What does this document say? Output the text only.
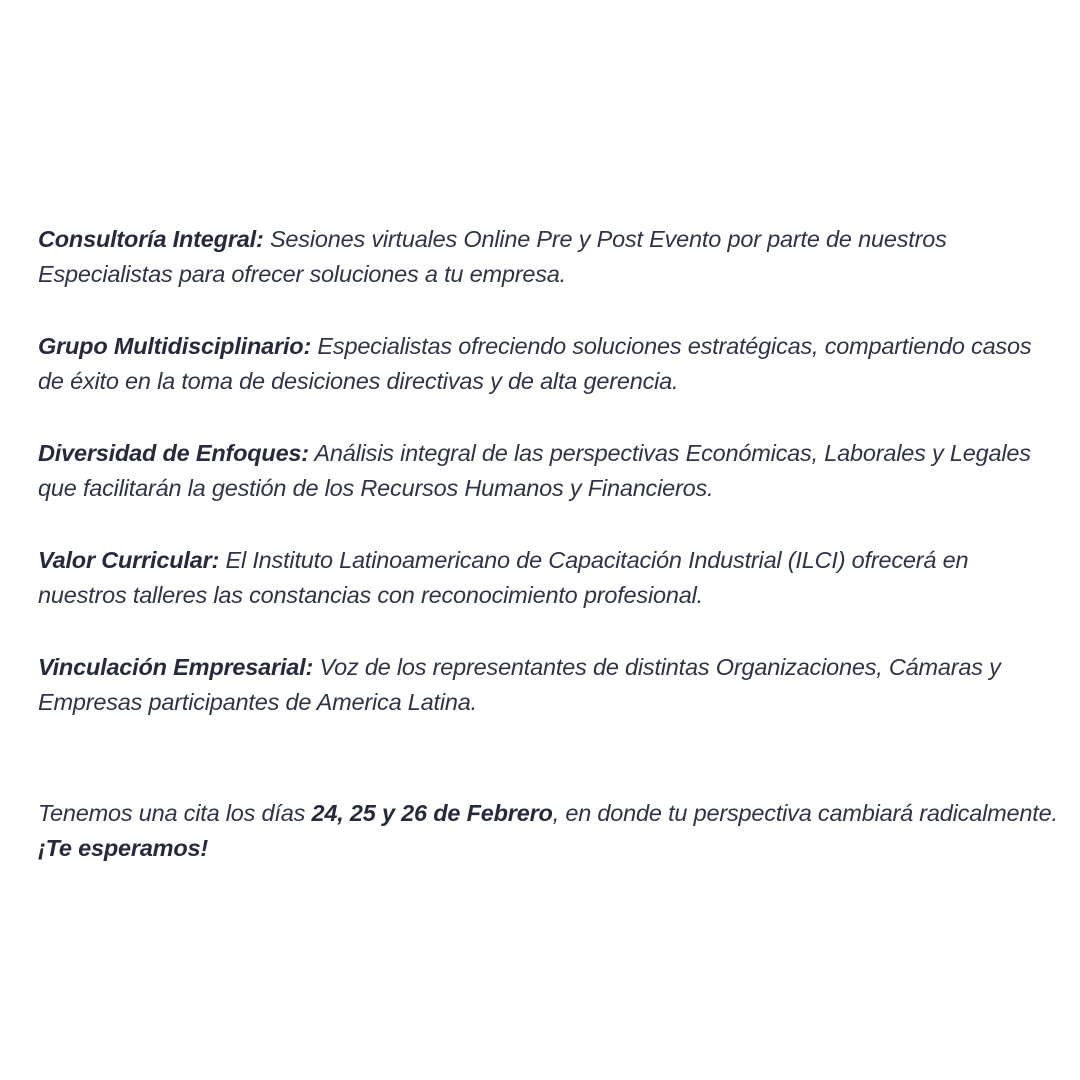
Consultoría Integral: Sesiones virtuales Online Pre y Post Evento por parte de nuestros Especialistas para ofrecer soluciones a tu empresa.

Grupo Multidisciplinario: Especialistas ofreciendo soluciones estratégicas, compartiendo casos de éxito en la toma de desiciones directivas y de alta gerencia.

Diversidad de Enfoques: Análisis integral de las perspectivas Económicas, Laborales y Legales que facilitarán la gestión de los Recursos Humanos y Financieros.

Valor Curricular: El Instituto Latinoamericano de Capacitación Industrial (ILCI) ofrecerá en nuestros talleres las constancias con reconocimiento profesional.

Vinculación Empresarial: Voz de los representantes de distintas Organizaciones, Cámaras y Empresas participantes de America Latina.

Tenemos una cita los días 24, 25 y 26 de Febrero, en donde tu perspectiva cambiará radicalmente. ¡Te esperamos!
